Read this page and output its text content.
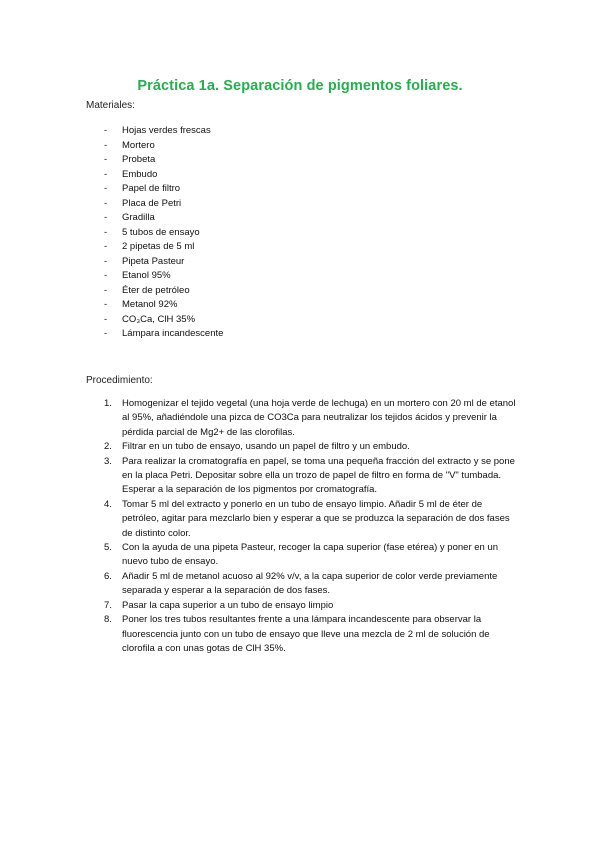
Práctica 1a. Separación de pigmentos foliares.
Materiales:
- Hojas verdes frescas
- Mortero
- Probeta
- Embudo
- Papel de filtro
- Placa de Petri
- Gradilla
- 5 tubos de ensayo
- 2 pipetas de 5 ml
- Pipeta Pasteur
- Etanol 95%
- Éter de petróleo
- Metanol 92%
- CO₃Ca, ClH 35%
- Lámpara incandescente
Procedimiento:
1. Homogenizar el tejido vegetal (una hoja verde de lechuga) en un mortero con 20 ml de etanol al 95%, añadiéndole una pizca de CO3Ca para neutralizar los tejidos ácidos y prevenir la pérdida parcial de Mg2+ de las clorofilas.
2. Filtrar en un tubo de ensayo, usando un papel de filtro y un embudo.
3. Para realizar la cromatografía en papel, se toma una pequeña fracción del extracto y se pone en la placa Petri. Depositar sobre ella un trozo de papel de filtro en forma de "V" tumbada. Esperar a la separación de los pigmentos por cromatografía.
4. Tomar 5 ml del extracto y ponerlo en un tubo de ensayo limpio. Añadir 5 ml de éter de petróleo, agitar para mezclarlo bien y esperar a que se produzca la separación de dos fases de distinto color.
5. Con la ayuda de una pipeta Pasteur, recoger la capa superior (fase etérea) y poner en un nuevo tubo de ensayo.
6. Añadir 5 ml de metanol acuoso al 92% v/v, a la capa superior de color verde previamente separada y esperar a la separación de dos fases.
7. Pasar la capa superior a un tubo de ensayo limpio
8. Poner los tres tubos resultantes frente a una lámpara incandescente para observar la fluorescencia junto con un tubo de ensayo que lleve una mezcla de 2 ml de solución de clorofila a con unas gotas de ClH 35%.
